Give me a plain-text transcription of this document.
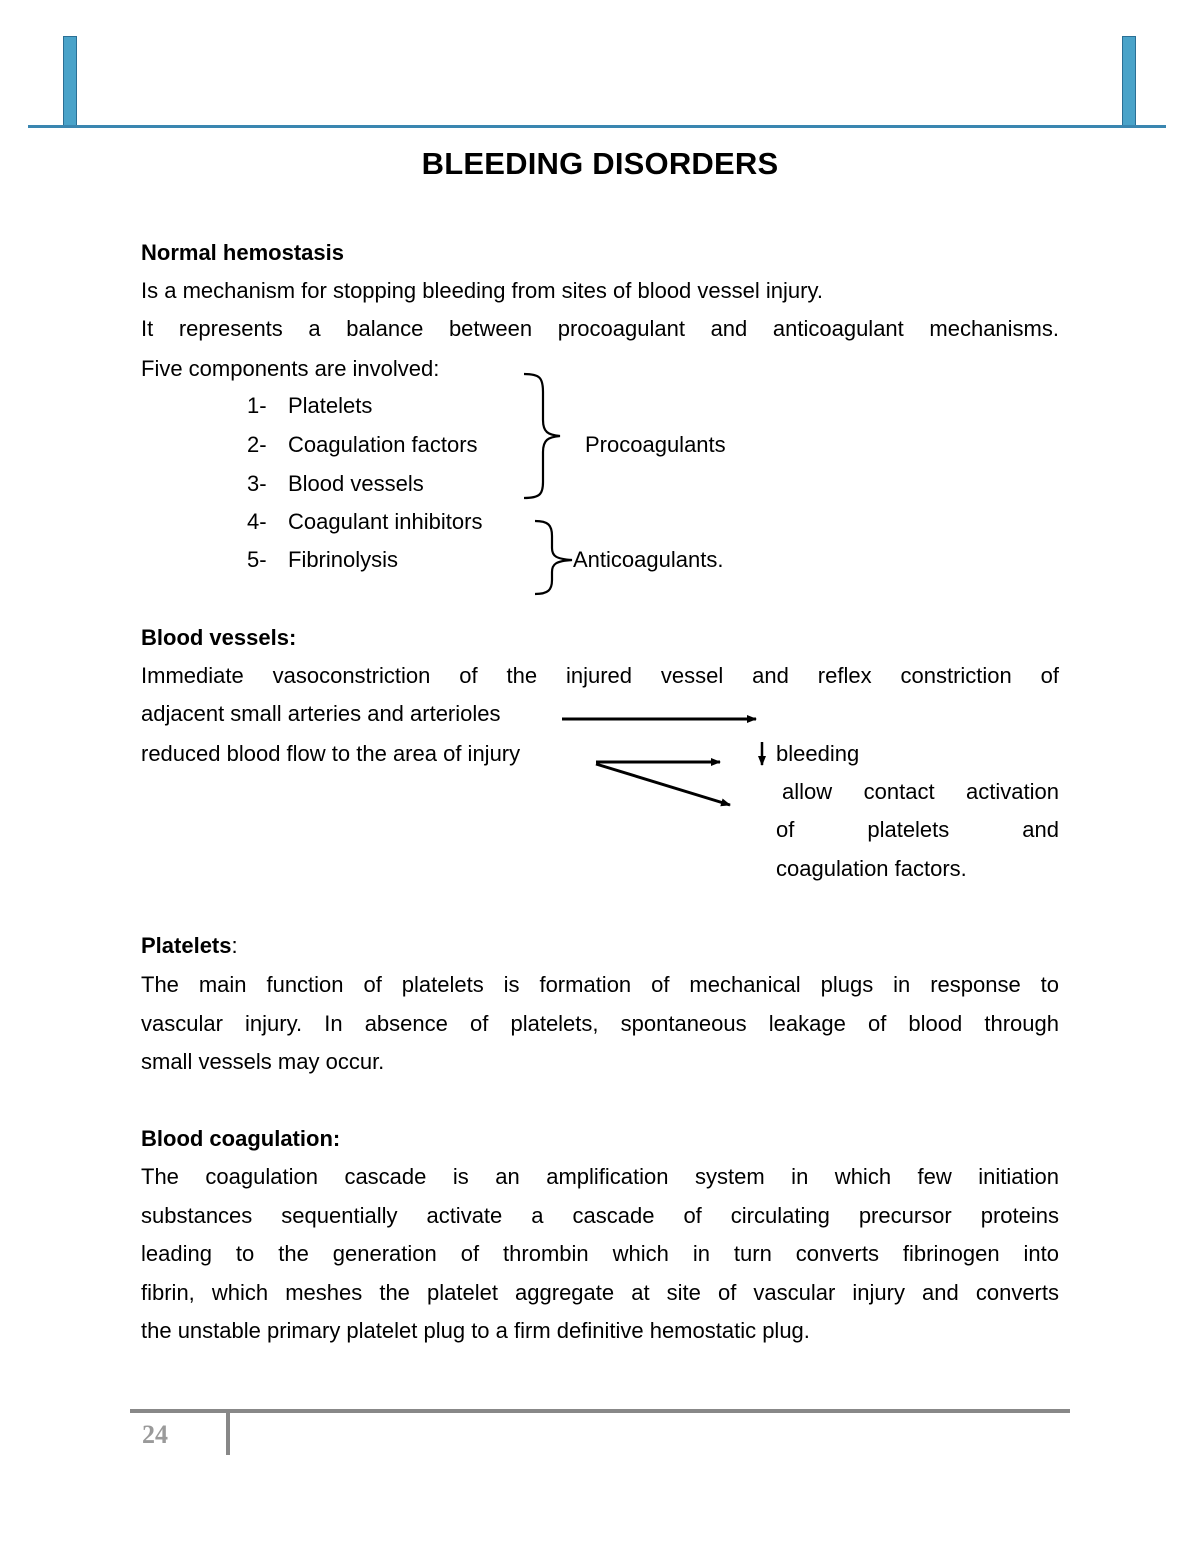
BLEEDING DISORDERS
Normal hemostasis
Is a mechanism for stopping bleeding from sites of blood vessel injury.
It represents a balance between procoagulant and anticoagulant mechanisms.
Five components are involved:
1- Platelets
2- Coagulation factors
3- Blood vessels
4- Coagulant inhibitors
5- Fibrinolysis
Procoagulants
Anticoagulants.
Blood vessels:
Immediate vasoconstriction of the injured vessel and reflex constriction of
adjacent small arteries and arterioles
reduced blood flow to the area of injury	bleeding
allow contact activation
of platelets and
coagulation factors.
Platelets:
The main function of platelets is formation of mechanical plugs in response to
vascular injury. In absence of platelets, spontaneous leakage of blood through
small vessels may occur.
Blood coagulation:
The coagulation cascade is an amplification system in which few initiation
substances sequentially activate a cascade of circulating precursor proteins
leading to the generation of thrombin which in turn converts fibrinogen into
fibrin, which meshes the platelet aggregate at site of vascular injury and converts
the unstable primary platelet plug to a firm definitive hemostatic plug.
24
